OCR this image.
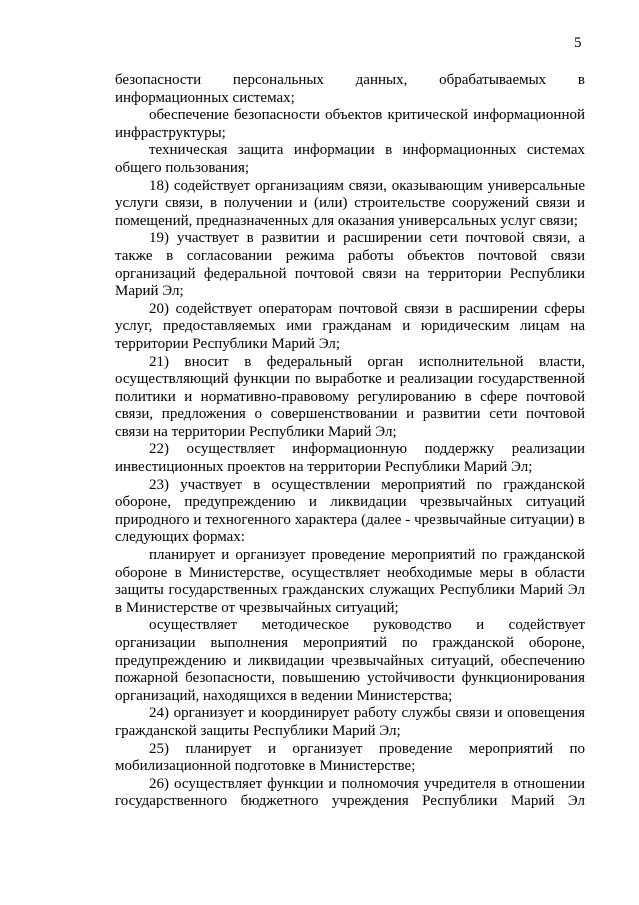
5

безопасности персональных данных, обрабатываемых в информационных системах;

обеспечение безопасности объектов критической информационной инфраструктуры;

техническая защита информации в информационных системах общего пользования;

18) содействует организациям связи, оказывающим универсальные услуги связи, в получении и (или) строительстве сооружений связи и помещений, предназначенных для оказания универсальных услуг связи;

19) участвует в развитии и расширении сети почтовой связи, а также в согласовании режима работы объектов почтовой связи организаций федеральной почтовой связи на территории Республики Марий Эл;

20) содействует операторам почтовой связи в расширении сферы услуг, предоставляемых ими гражданам и юридическим лицам на территории Республики Марий Эл;

21) вносит в федеральный орган исполнительной власти, осуществляющий функции по выработке и реализации государственной политики и нормативно-правовому регулированию в сфере почтовой связи, предложения о совершенствовании и развитии сети почтовой связи на территории Республики Марий Эл;

22) осуществляет информационную поддержку реализации инвестиционных проектов на территории Республики Марий Эл;

23) участвует в осуществлении мероприятий по гражданской обороне, предупреждению и ликвидации чрезвычайных ситуаций природного и техногенного характера (далее - чрезвычайные ситуации) в следующих формах:

планирует и организует проведение мероприятий по гражданской обороне в Министерстве, осуществляет необходимые меры в области защиты государственных гражданских служащих Республики Марий Эл в Министерстве от чрезвычайных ситуаций;

осуществляет методическое руководство и содействует организации выполнения мероприятий по гражданской обороне, предупреждению и ликвидации чрезвычайных ситуаций, обеспечению пожарной безопасности, повышению устойчивости функционирования организаций, находящихся в ведении Министерства;

24) организует и координирует работу службы связи и оповещения гражданской защиты Республики Марий Эл;

25) планирует и организует проведение мероприятий по мобилизационной подготовке в Министерстве;

26) осуществляет функции и полномочия учредителя в отношении государственного бюджетного учреждения Республики Марий Эл
